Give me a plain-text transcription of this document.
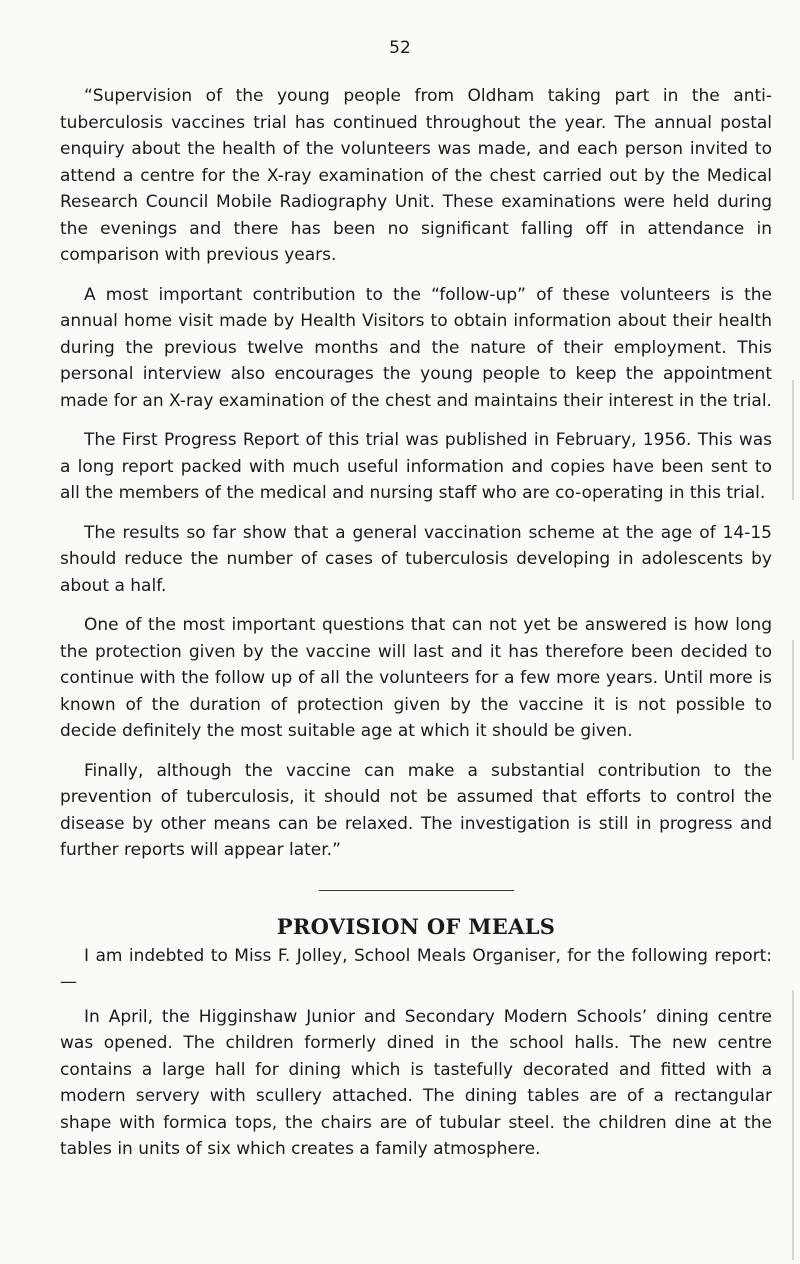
52

“Supervision of the young people from Oldham taking part in the anti-tuberculosis vaccines trial has continued throughout the year. The annual postal enquiry about the health of the volunteers was made, and each person invited to attend a centre for the X-ray examination of the chest carried out by the Medical Research Council Mobile Radiography Unit. These examinations were held during the evenings and there has been no significant falling off in attendance in comparison with previous years.

A most important contribution to the “follow-up” of these volunteers is the annual home visit made by Health Visitors to obtain information about their health during the previous twelve months and the nature of their employment. This personal interview also encourages the young people to keep the appointment made for an X-ray examination of the chest and maintains their interest in the trial.

The First Progress Report of this trial was published in February, 1956. This was a long report packed with much useful information and copies have been sent to all the members of the medical and nursing staff who are co-operating in this trial.

The results so far show that a general vaccination scheme at the age of 14-15 should reduce the number of cases of tuberculosis developing in adolescents by about a half.

One of the most important questions that can not yet be answered is how long the protection given by the vaccine will last and it has therefore been decided to continue with the follow up of all the volunteers for a few more years. Until more is known of the duration of protection given by the vaccine it is not possible to decide definitely the most suitable age at which it should be given.

Finally, although the vaccine can make a substantial contribution to the prevention of tuberculosis, it should not be assumed that efforts to control the disease by other means can be relaxed. The investigation is still in progress and further reports will appear later.”

PROVISION OF MEALS

I am indebted to Miss F. Jolley, School Meals Organiser, for the following report:—

In April, the Higginshaw Junior and Secondary Modern Schools’ dining centre was opened. The children formerly dined in the school halls. The new centre contains a large hall for dining which is tastefully decorated and fitted with a modern servery with scullery attached. The dining tables are of a rectangular shape with formica tops, the chairs are of tubular steel. the children dine at the tables in units of six which creates a family atmosphere.
